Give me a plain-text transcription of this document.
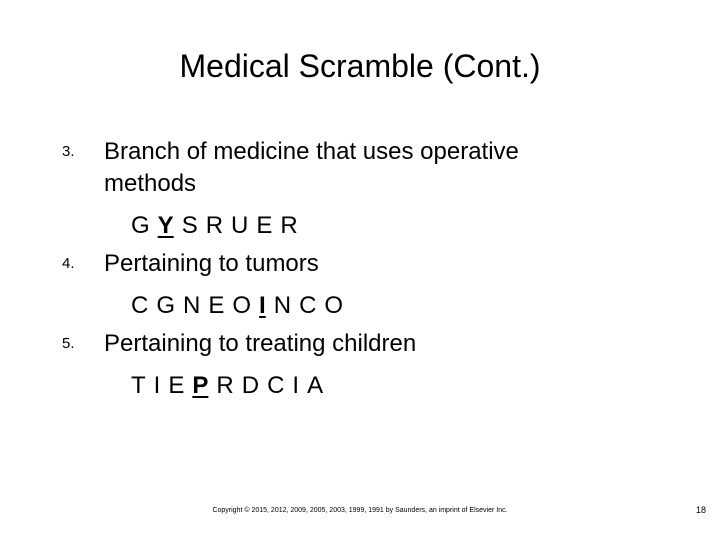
Medical Scramble (Cont.)
3. Branch of medicine that uses operative
methods
G Y S R U E R
4. Pertaining to tumors
C G N E O I N C O
5. Pertaining to treating children
T I E P R D C I A
Copyright © 2015, 2012, 2009, 2005, 2003, 1999, 1991 by Saunders, an imprint of Elsevier Inc.	18
